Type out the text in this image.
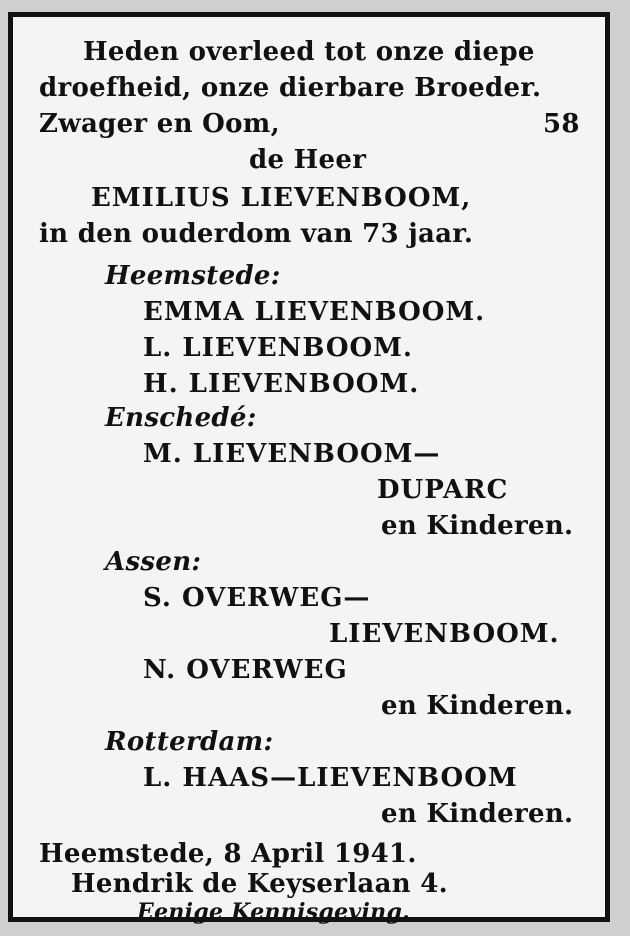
Heden overleed tot onze diepe
droefheid, onze dierbare Broeder.
Zwager en Oom,	58
de Heer
EMILIUS LIEVENBOOM,
in den ouderdom van 73 jaar.
Heemstede:
EMMA LIEVENBOOM.
L. LIEVENBOOM.
H. LIEVENBOOM.
Enschedé:
M. LIEVENBOOM—
DUPARC
en Kinderen.
Assen:
S. OVERWEG—
LIEVENBOOM.
N. OVERWEG
en Kinderen.
Rotterdam:
L. HAAS—LIEVENBOOM
en Kinderen.
Heemstede, 8 April 1941.
Hendrik de Keyserlaan 4.
Eenige Kennisgeving.
